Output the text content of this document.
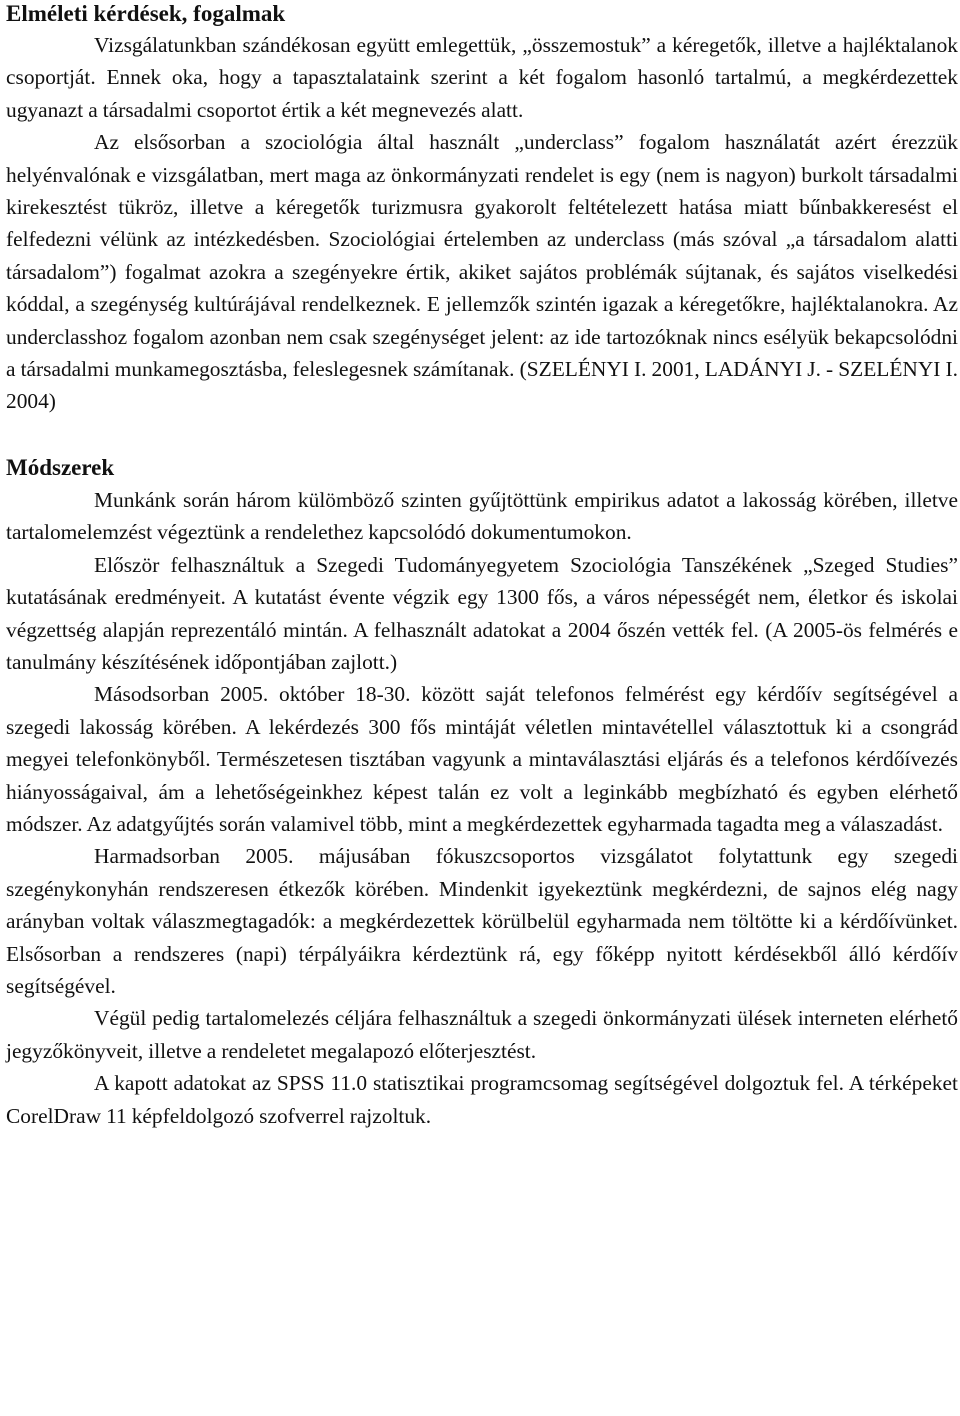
Elméleti kérdések, fogalmak

Vizsgálatunkban szándékosan együtt emlegettük, „összemostuk” a kéregetők, illetve a hajléktalanok csoportját. Ennek oka, hogy a tapasztalataink szerint a két fogalom hasonló tartalmú, a megkérdezettek ugyanazt a társadalmi csoportot értik a két megnevezés alatt.

Az elsősorban a szociológia által használt „underclass” fogalom használatát azért érezzük helyénvalónak e vizsgálatban, mert maga az önkormányzati rendelet is egy (nem is nagyon) burkolt társadalmi kirekesztést tükröz, illetve a kéregetők turizmusra gyakorolt feltételezett hatása miatt bűnbakkeresést el felfedezni vélünk az intézkedésben. Szociológiai értelemben az underclass (más szóval „a társadalom alatti társadalom”) fogalmat azokra a szegényekre értik, akiket sajátos problémák sújtanak, és sajátos viselkedési kóddal, a szegénység kultúrájával rendelkeznek. E jellemzők szintén igazak a kéregetőkre, hajléktalanokra. Az underclasshoz fogalom azonban nem csak szegénységet jelent: az ide tartozóknak nincs esélyük bekapcsolódni a társadalmi munkamegosztásba, feleslegesnek számítanak. (SZELÉNYI I. 2001, LADÁNYI J. - SZELÉNYI I. 2004)

Módszerek

Munkánk során három külömböző szinten gyűjtöttünk empirikus adatot a lakosság körében, illetve tartalomelemzést végeztünk a rendelethez kapcsolódó dokumentumokon.

Először felhasználtuk a Szegedi Tudományegyetem Szociológia Tanszékének „Szeged Studies” kutatásának eredményeit. A kutatást évente végzik egy 1300 fős, a város népességét nem, életkor és iskolai végzettség alapján reprezentáló mintán. A felhasznált adatokat a 2004 őszén vették fel. (A 2005-ös felmérés e tanulmány készítésének időpontjában zajlott.)

Másodsorban 2005. október 18-30. között saját telefonos felmérést egy kérdőív segítségével a szegedi lakosság körében. A lekérdezés 300 fős mintáját véletlen mintavétellel választottuk ki a csongrád megyei telefonkönyből. Természetesen tisztában vagyunk a mintaválasztási eljárás és a telefonos kérdőívezés hiányosságaival, ám a lehetőségeinkhez képest talán ez volt a leginkább megbízható és egyben elérhető módszer. Az adatgyűjtés során valamivel több, mint a megkérdezettek egyharmada tagadta meg a válaszadást.

Harmadsorban 2005. májusában fókuszcsoportos vizsgálatot folytattunk egy szegedi szegénykonyhán rendszeresen étkezők körében. Mindenkit igyekeztünk megkérdezni, de sajnos elég nagy arányban voltak válaszmegtagadók: a megkérdezettek körülbelül egyharmada nem töltötte ki a kérdőívünket. Elsősorban a rendszeres (napi) térpályáikra kérdeztünk rá, egy főképp nyitott kérdésekből álló kérdőív segítségével.

Végül pedig tartalomelezés céljára felhasználtuk a szegedi önkormányzati ülések interneten elérhető jegyzőkönyveit, illetve a rendeletet megalapozó előterjesztést.

A kapott adatokat az SPSS 11.0 statisztikai programcsomag segítségével dolgoztuk fel. A térképeket CorelDraw 11 képfeldolgozó szofverrel rajzoltuk.
